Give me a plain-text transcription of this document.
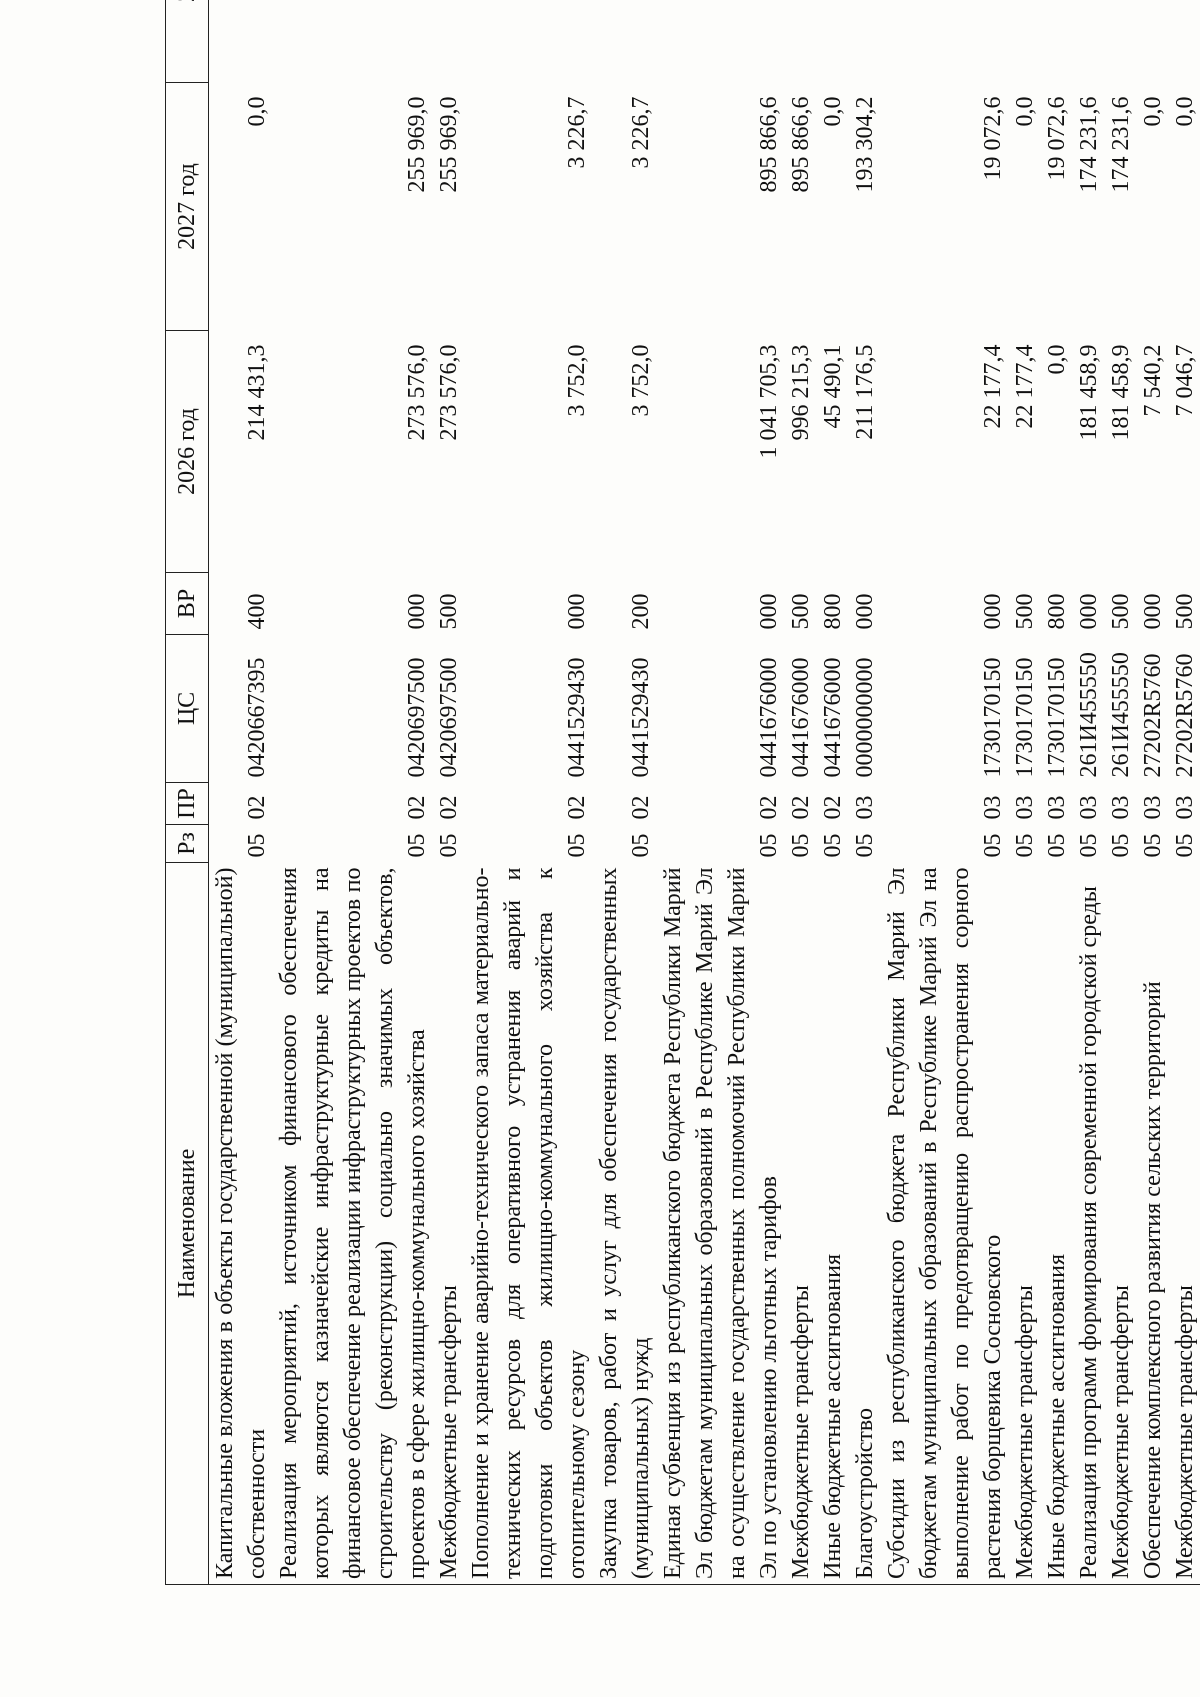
Наименование	Рз	ПР	ЦС	ВР	2026 год	2027 год	
Капитальные вложения в объекты государственной (муниципальной) собственности	05	02	0420667395	400	214 431,3	0,0	
Реализация мероприятий, источником финансового обеспечения которых являются казначейские инфраструктурные кредиты на финансовое обеспечение реализации инфраструктурных проектов по строительству (реконструкции) социально значимых объектов, проектов в сфере жилищно-коммунального хозяйства	05	02	0420697500	000	273 576,0	255 969,0	
Межбюджетные трансферты	05	02	0420697500	500	273 576,0	255 969,0	
Пополнение и хранение аварийно-технического запаса материально-технических ресурсов для оперативного устранения аварий и подготовки объектов жилищно-коммунального хозяйства к отопительному сезону	05	02	0441529430	000	3 752,0	3 226,7	
Закупка товаров, работ и услуг для обеспечения государственных (муниципальных) нужд	05	02	0441529430	200	3 752,0	3 226,7	
Единая субвенция из республиканского бюджета Республики Марий Эл бюджетам муниципальных образований в Республике Марий Эл на осуществление государственных полномочий Республики Марий Эл по установлению льготных тарифов	05	02	0441676000	000	1 041 705,3	895 866,6	
Межбюджетные трансферты	05	02	0441676000	500	996 215,3	895 866,6	
Иные бюджетные ассигнования	05	02	0441676000	800	45 490,1	0,0	
Благоустройство	05	03	0000000000	000	211 176,5	193 304,2	
Субсидии из республиканского бюджета Республики Марий Эл бюджетам муниципальных образований в Республике Марий Эл на выполнение работ по предотвращению распространения сорного растения борщевика Сосновского	05	03	1730170150	000	22 177,4	19 072,6	
Межбюджетные трансферты	05	03	1730170150	500	22 177,4	0,0	
Иные бюджетные ассигнования	05	03	1730170150	800	0,0	19 072,6	
Реализация программ формирования современной городской среды	05	03	261И455550	000	181 458,9	174 231,6	
Межбюджетные трансферты	05	03	261И455550	500	181 458,9	174 231,6	
Обеспечение комплексного развития сельских территорий	05	03	27202R5760	000	7 540,2	0,0	
Межбюджетные трансферты	05	03	27202R5760	500	7 046,7	0,0	
